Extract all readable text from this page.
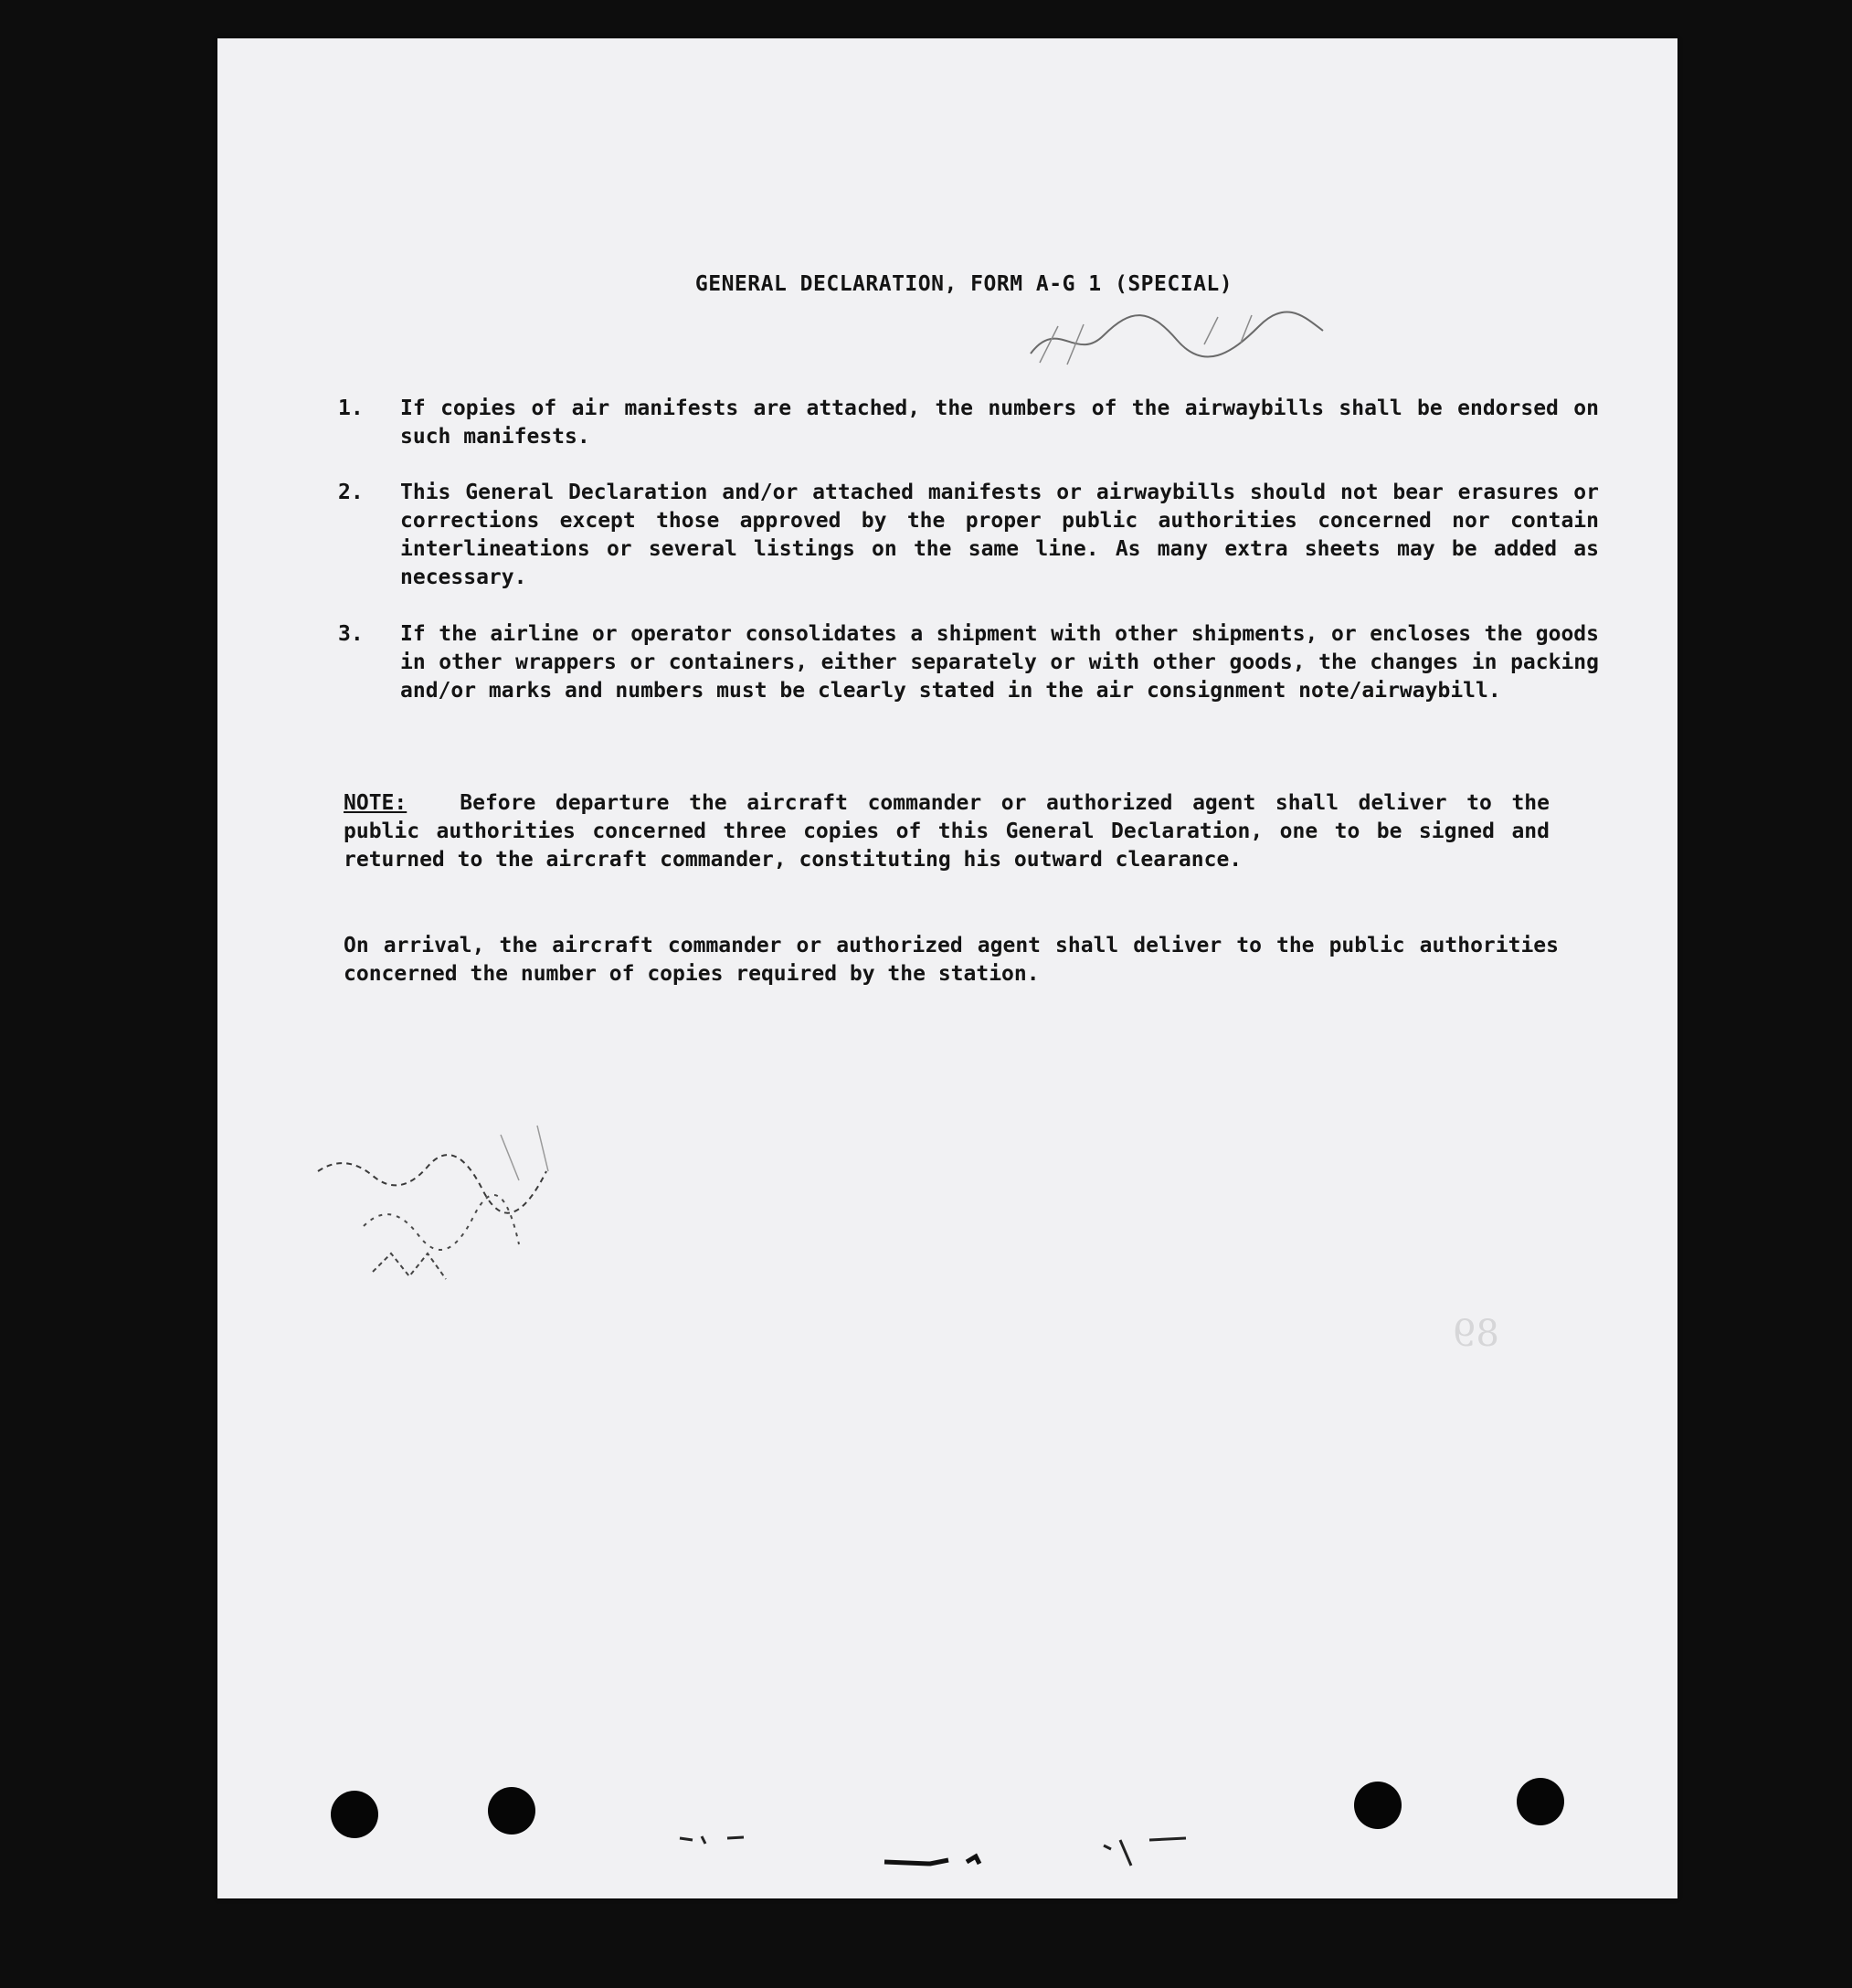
GENERAL DECLARATION, FORM A-G 1 (SPECIAL)
1.	If copies of air manifests are attached, the numbers of the airwaybills shall be endorsed on such manifests.
2.	This General Declaration and/or attached manifests or airwaybills should not bear erasures or corrections except those approved by the proper public authorities concerned nor contain interlineations or several listings on the same line. As many extra sheets may be added as necessary.
3.	If the airline or operator consolidates a shipment with other shipments, or encloses the goods in other wrappers or containers, either separately or with other goods, the changes in packing and/or marks and numbers must be clearly stated in the air consignment note/airwaybill.
NOTE:	Before departure the aircraft commander or authorized agent shall deliver to the public authorities concerned three copies of this General Declaration, one to be signed and returned to the aircraft commander, constituting his outward clearance.
On arrival, the aircraft commander or authorized agent shall deliver to the public authorities concerned the number of copies required by the station.
89
